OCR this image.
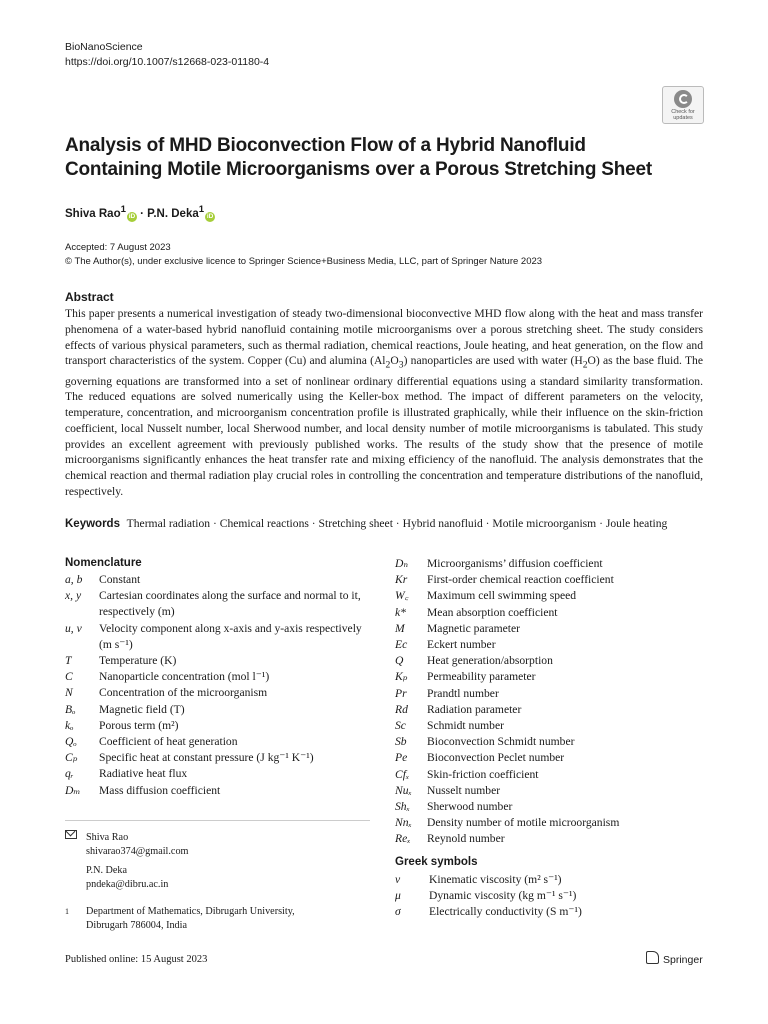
BioNanoScience
https://doi.org/10.1007/s12668-023-01180-4
Check for
updates
Analysis of MHD Bioconvection Flow of a Hybrid Nanofluid Containing Motile Microorganisms over a Porous Stretching Sheet
Shiva Rao$^1$iD · P.N. Deka$^1$iD
Accepted: 7 August 2023
© The Author(s), under exclusive licence to Springer Science+Business Media, LLC, part of Springer Nature 2023
Abstract
This paper presents a numerical investigation of steady two-dimensional bioconvective MHD flow along with the heat and mass transfer phenomena of a water-based hybrid nanofluid containing motile microorganisms over a porous stretching sheet. The study considers effects of various physical parameters, such as thermal radiation, chemical reactions, Joule heating, and heat generation, on the flow and transport characteristics of the system. Copper (Cu) and alumina $(Al_2O_3)$ nanoparticles are used with water $(H_2O)$ as the base fluid. The governing equations are transformed into a set of nonlinear ordinary differential equations using a standard similarity transformation. The reduced equations are solved numerically using the Keller-box method. The impact of different parameters on the velocity, temperature, concentration, and microorganism concentration profile is illustrated graphically, while their influence on the skin-friction coefficient, local Nusselt number, local Sherwood number, and local density number of motile microorganisms is tabulated. This study provides an excellent agreement with previously published works. The results of the study show that the presence of motile microorganisms significantly enhances the heat transfer rate and mixing efficiency of the nanofluid. The analysis demonstrates that the chemical reaction and thermal radiation play crucial roles in controlling the concentration and temperature distributions of the nanofluid, respectively.
Keywords Thermal radiation · Chemical reactions · Stretching sheet · Hybrid nanofluid · Motile microorganism · Joule heating
Nomenclature
a, b	Constant
x, y	Cartesian coordinates along the surface and normal to it, respectively (m)
u, v	Velocity component along x-axis and y-axis respectively (m s⁻¹)
T	Temperature (K)
C	Nanoparticle concentration (mol l⁻¹)
N	Concentration of the microorganism
Bₒ	Magnetic field (T)
kₒ	Porous term (m²)
Qₒ	Coefficient of heat generation
Cₚ	Specific heat at constant pressure (J kg⁻¹ K⁻¹)
qᵣ	Radiative heat flux
Dₘ	Mass diffusion coefficient
Dₙ	Microorganisms’ diffusion coefficient
Kr	First-order chemical reaction coefficient
W꜀	Maximum cell swimming speed
k*	Mean absorption coefficient
M	Magnetic parameter
Ec	Eckert number
Q	Heat generation/absorption
Kₚ	Permeability parameter
Pr	Prandtl number
Rd	Radiation parameter
Sc	Schmidt number
Sb	Bioconvection Schmidt number
Pe	Bioconvection Peclet number
Cfₓ	Skin-friction coefficient
Nuₓ	Nusselt number
Shₓ	Sherwood number
Nnₓ	Density number of motile microorganism
Reₓ	Reynold number
Greek symbols
ν	Kinematic viscosity (m² s⁻¹)
μ	Dynamic viscosity (kg m⁻¹ s⁻¹)
σ	Electrically conductivity (S m⁻¹)
Shiva Rao
shivarao374@gmail.com
P.N. Deka
pndeka@dibru.ac.in
1	Department of Mathematics, Dibrugarh University,
Dibrugarh 786004, India
Published online: 15 August 2023	Springer
